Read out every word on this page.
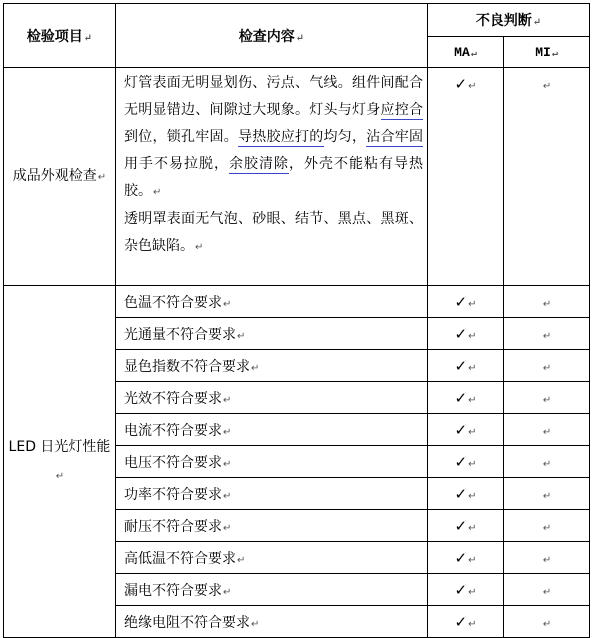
检验项目↵	检查内容↵	不良判断↵	
		MA↵	MI↵
成品外观检查↵	灯管表面无明显划伤、污点、气线。组件间配合无明显错边、间隙过大现象。灯头与灯身应控合到位，锁孔牢固。导热胶应打的均匀，沾合牢固用手不易拉脱，余胶清除，外壳不能粘有导热胶。↵

透明罩表面无气泡、砂眼、结节、黑点、黑斑、杂色缺陷。↵	✓↵	↵
LED 日光灯性能↵	色温不符合要求↵	✓↵	↵
	光通量不符合要求↵	✓↵	↵
	显色指数不符合要求↵	✓↵	↵
	光效不符合要求↵	✓↵	↵
	电流不符合要求↵	✓↵	↵
	电压不符合要求↵	✓↵	↵
	功率不符合要求↵	✓↵	↵
	耐压不符合要求↵	✓↵	↵
	高低温不符合要求↵	✓↵	↵
	漏电不符合要求↵	✓↵	↵
	绝缘电阻不符合要求↵	✓↵	↵
